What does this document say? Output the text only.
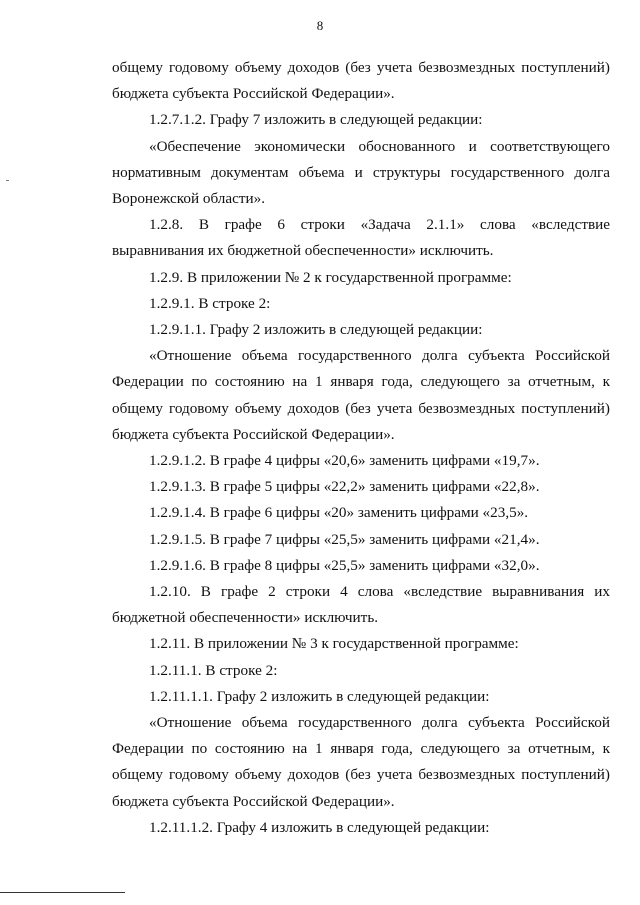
8

общему годовому объему доходов (без учета безвозмездных поступлений)

бюджета субъекта Российской Федерации».

1.2.7.1.2. Графу 7 изложить в следующей редакции:

«Обеспечение экономически обоснованного и соответствующего нормативным документам объема и структуры государственного долга Воронежской области».

1.2.8. В графе 6 строки «Задача 2.1.1» слова «вследствие выравнивания их бюджетной обеспеченности» исключить.

1.2.9. В приложении № 2 к государственной программе:

1.2.9.1. В строке 2:

1.2.9.1.1. Графу 2 изложить в следующей редакции:

«Отношение объема государственного долга субъекта Российской Федерации по состоянию на 1 января года, следующего за отчетным, к общему годовому объему доходов (без учета безвозмездных поступлений) бюджета субъекта Российской Федерации».

1.2.9.1.2. В графе 4 цифры «20,6» заменить цифрами «19,7».

1.2.9.1.3. В графе 5 цифры «22,2» заменить цифрами «22,8».

1.2.9.1.4. В графе 6 цифры «20» заменить цифрами «23,5».

1.2.9.1.5. В графе 7 цифры «25,5» заменить цифрами «21,4».

1.2.9.1.6. В графе 8 цифры «25,5» заменить цифрами «32,0».

1.2.10. В графе 2 строки 4 слова «вследствие выравнивания их бюджетной обеспеченности» исключить.

1.2.11. В приложении № 3 к государственной программе:

1.2.11.1. В строке 2:

1.2.11.1.1. Графу 2 изложить в следующей редакции:

«Отношение объема государственного долга субъекта Российской Федерации по состоянию на 1 января года, следующего за отчетным, к общему годовому объему доходов (без учета безвозмездных поступлений) бюджета субъекта Российской Федерации».

1.2.11.1.2. Графу 4 изложить в следующей редакции:
